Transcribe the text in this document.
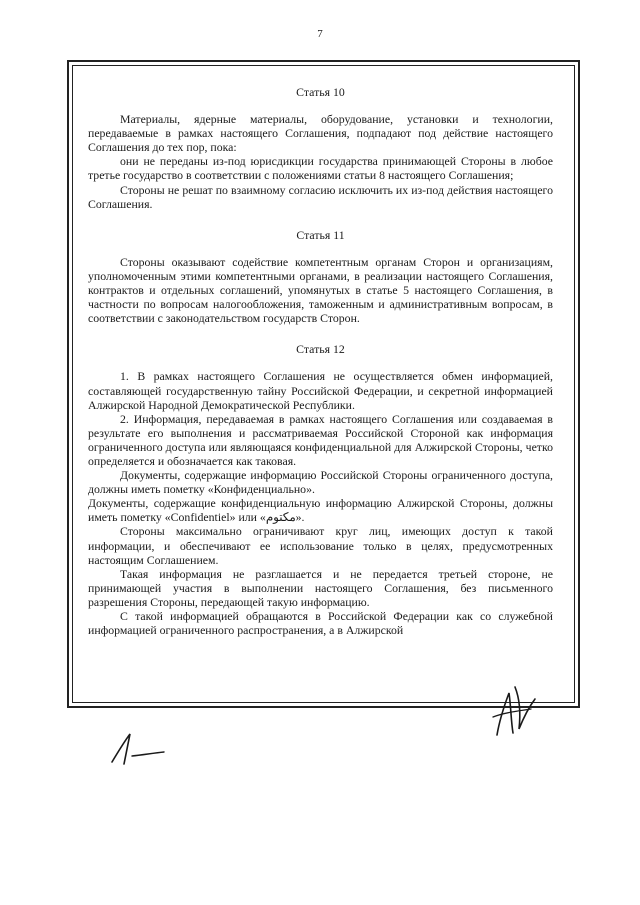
7
Статья 10

Материалы, ядерные материалы, оборудование, установки и технологии, передаваемые в рамках настоящего Соглашения, подпадают под действие настоящего Соглашения до тех пор, пока:

они не переданы из-под юрисдикции государства принимающей Стороны в любое третье государство в соответствии с положениями статьи 8 настоящего Соглашения;

Стороны не решат по взаимному согласию исключить их из-под действия настоящего Соглашения.

Статья 11

Стороны оказывают содействие компетентным органам Сторон и организациям, уполномоченным этими компетентными органами, в реализации настоящего Соглашения, контрактов и отдельных соглашений, упомянутых в статье 5 настоящего Соглашения, в частности по вопросам налогообложения, таможенным и административным вопросам, в соответствии с законодательством государств Сторон.

Статья 12

1. В рамках настоящего Соглашения не осуществляется обмен информацией, составляющей государственную тайну Российской Федерации, и секретной информацией Алжирской Народной Демократической Республики.

2. Информация, передаваемая в рамках настоящего Соглашения или создаваемая в результате его выполнения и рассматриваемая Российской Стороной как информация ограниченного доступа или являющаяся конфиденциальной для Алжирской Стороны, четко определяется и обозначается как таковая.

Документы, содержащие информацию Российской Стороны ограниченного доступа, должны иметь пометку «Конфиденциально».

Документы, содержащие конфиденциальную информацию Алжирской Стороны, должны иметь пометку «Confidentiel» или «مكتوم».

Стороны максимально ограничивают круг лиц, имеющих доступ к такой информации, и обеспечивают ее использование только в целях, предусмотренных настоящим Соглашением.

Такая информация не разглашается и не передается третьей стороне, не принимающей участия в выполнении настоящего Соглашения, без письменного разрешения Стороны, передающей такую информацию.

С такой информацией обращаются в Российской Федерации как со служебной информацией ограниченного распространения, а в Алжирской
